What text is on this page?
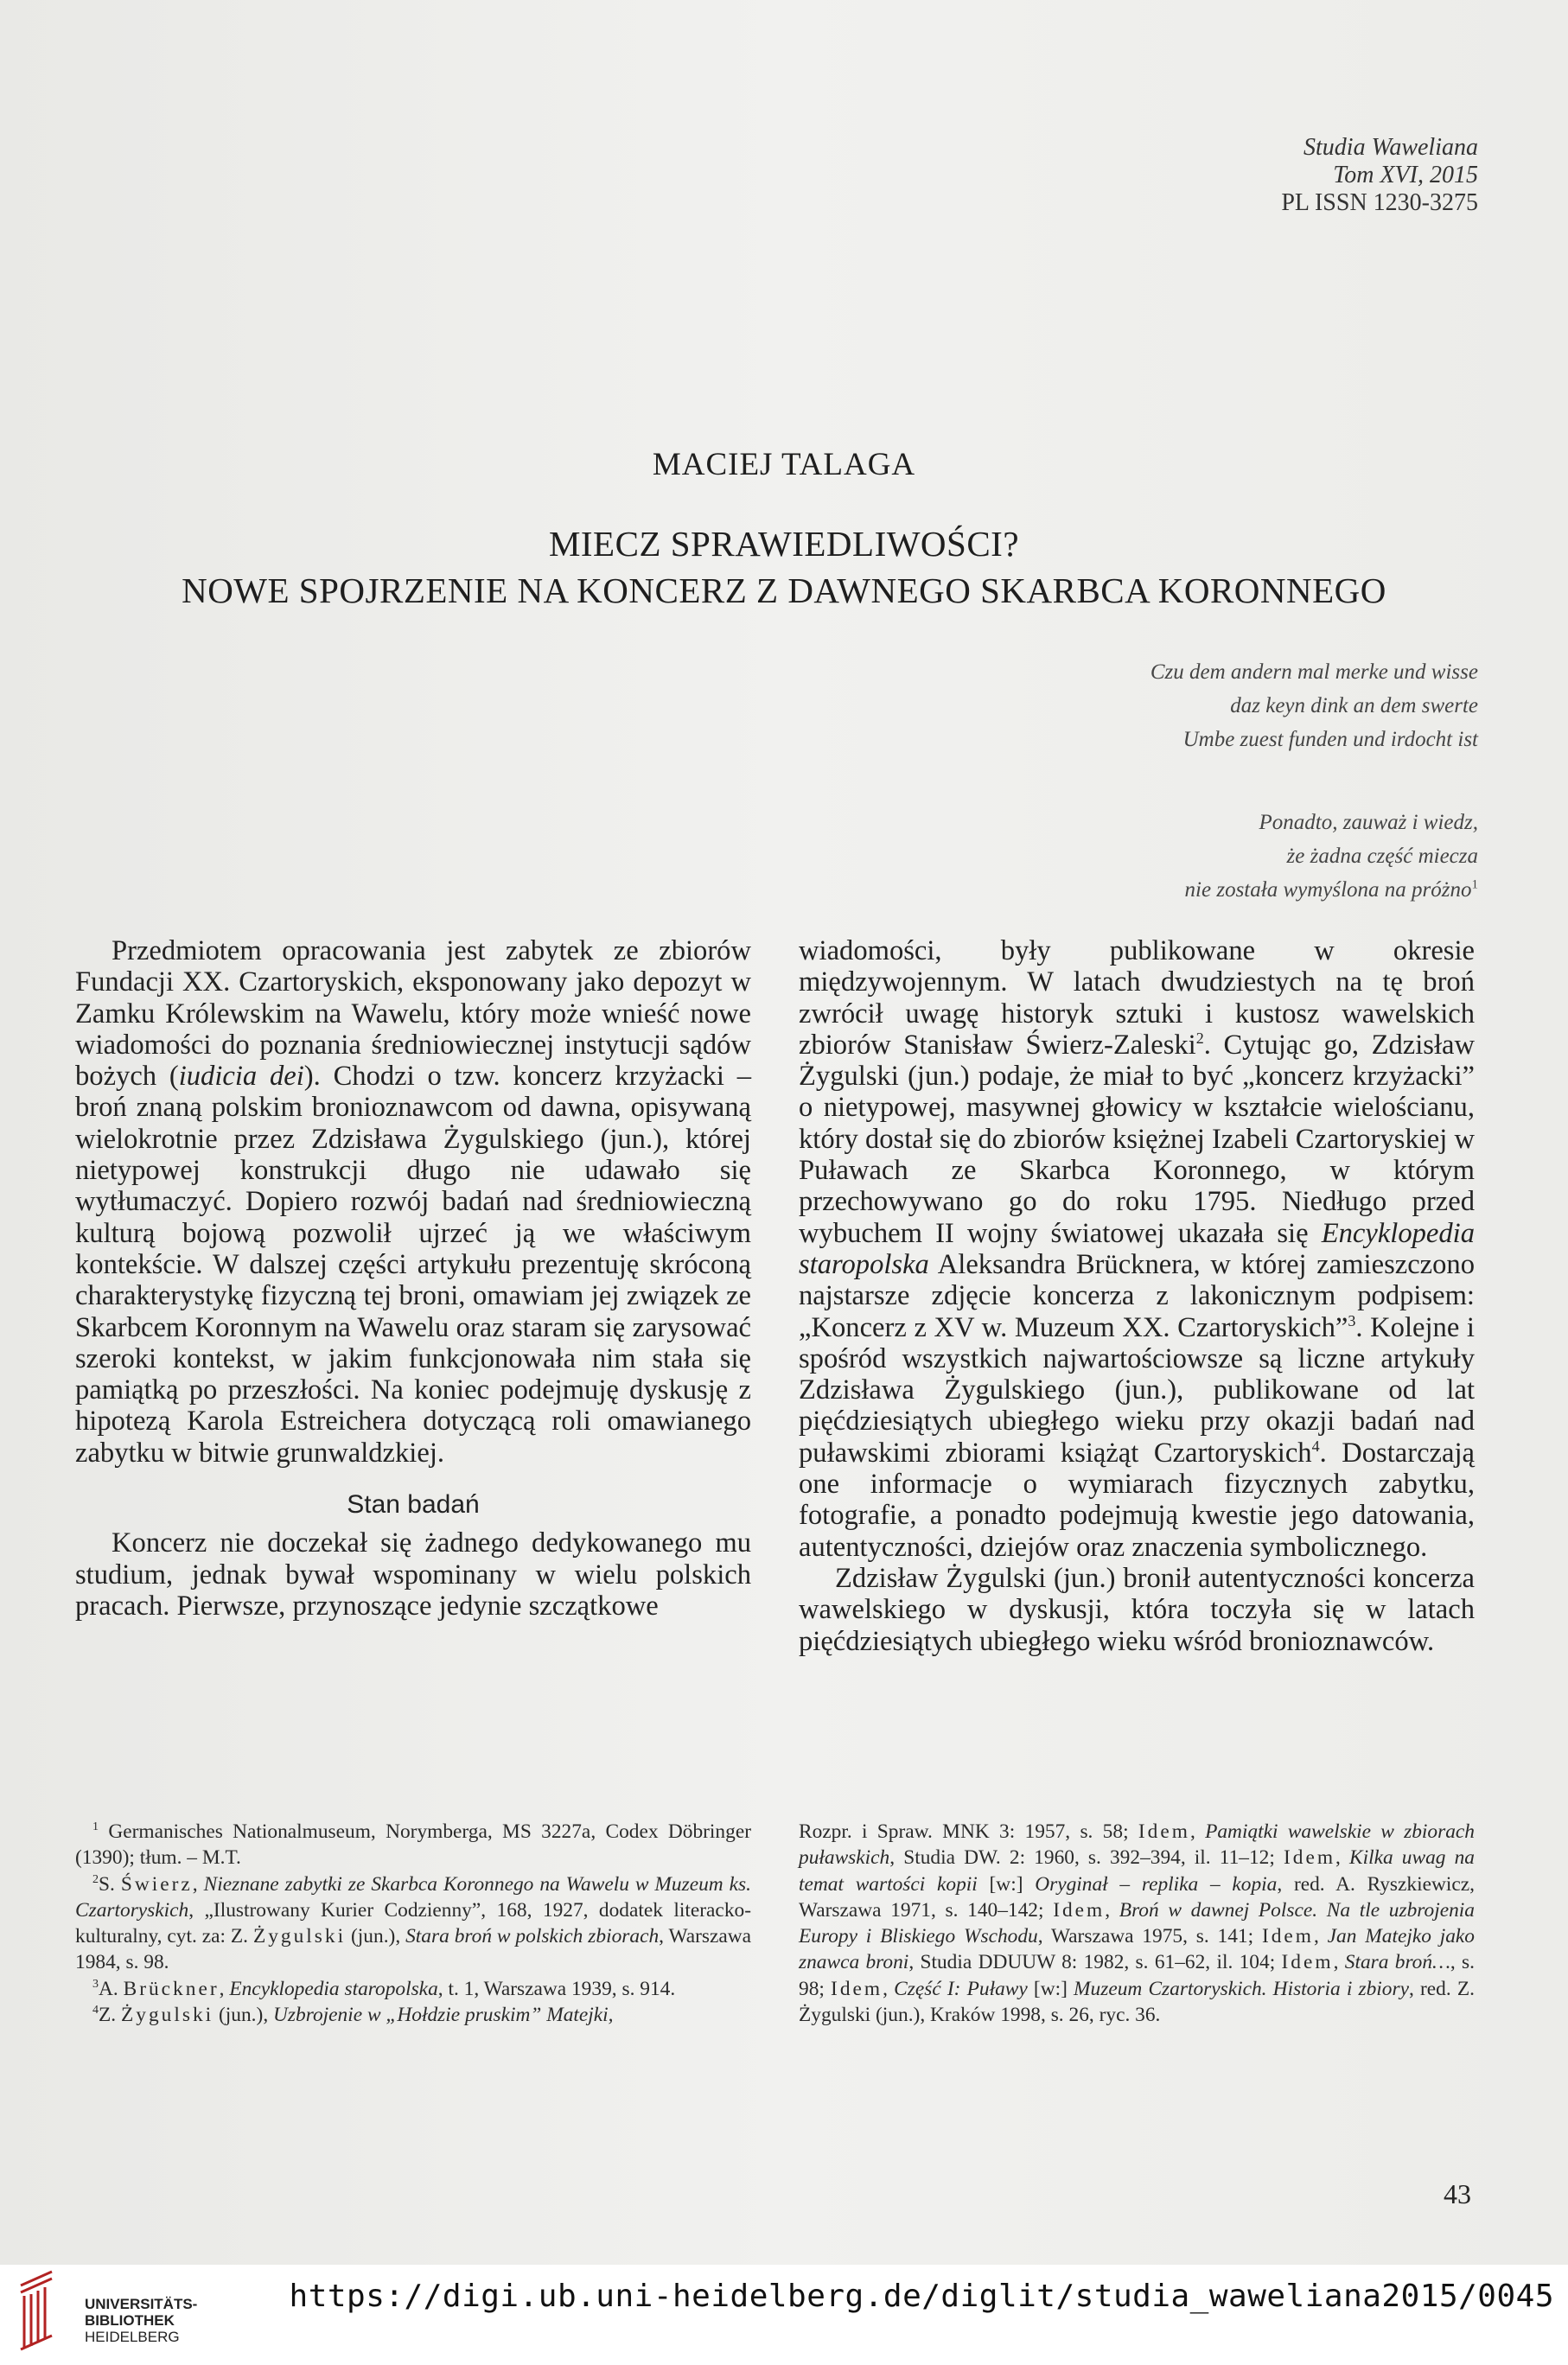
Studia Waweliana
Tom XVI, 2015
PL ISSN 1230-3275
MACIEJ TALAGA
MIECZ SPRAWIEDLIWOŚCI?
NOWE SPOJRZENIE NA KONCERZ Z DAWNEGO SKARBCA KORONNEGO
Czu dem andern mal merke und wisse
daz keyn dink an dem swerte
Umbe zuest funden und irdocht ist
Ponadto, zauważ i wiedz,
że żadna część miecza
nie została wymyślona na próżno$^1$

Przedmiotem opracowania jest zabytek ze zbiorów Fundacji XX. Czartoryskich, eksponowany jako depozyt w Zamku Królewskim na Wawelu, który może wnieść nowe wiadomości do poznania średniowiecznej instytucji sądów bożych (iudicia dei). Chodzi o tzw. koncerz krzyżacki – broń znaną polskim bronioznawcom od dawna, opisywaną wielokrotnie przez Zdzisława Żygulskiego (jun.), której nietypowej konstrukcji długo nie udawało się wytłumaczyć. Dopiero rozwój badań nad średniowieczną kulturą bojową pozwolił ujrzeć ją we właściwym kontekście. W dalszej części artykułu prezentuję skróconą charakterystykę fizyczną tej broni, omawiam jej związek ze Skarbcem Koronnym na Wawelu oraz staram się zarysować szeroki kontekst, w jakim funkcjonowała nim stała się pamiątką po przeszłości. Na koniec podejmuję dyskusję z hipotezą Karola Estreichera dotyczącą roli omawianego zabytku w bitwie grunwaldzkiej.

Stan badań

Koncerz nie doczekał się żadnego dedykowanego mu studium, jednak bywał wspominany w wielu polskich pracach. Pierwsze, przynoszące jedynie szczątkowe

wiadomości, były publikowane w okresie międzywojennym. W latach dwudziestych na tę broń zwrócił uwagę historyk sztuki i kustosz wawelskich zbiorów Stanisław Świerz-Zaleski$^2$. Cytując go, Zdzisław Żygulski (jun.) podaje, że miał to być „koncerz krzyżacki” o nietypowej, masywnej głowicy w kształcie wielościanu, który dostał się do zbiorów księżnej Izabeli Czartoryskiej w Puławach ze Skarbca Koronnego, w którym przechowywano go do roku 1795. Niedługo przed wybuchem II wojny światowej ukazała się Encyklopedia staropolska Aleksandra Brücknera, w której zamieszczono najstarsze zdjęcie koncerza z lakonicznym podpisem: „Koncerz z XV w. Muzeum XX. Czartoryskich”$^3$. Kolejne i spośród wszystkich najwartościowsze są liczne artykuły Zdzisława Żygulskiego (jun.), publikowane od lat pięćdziesiątych ubiegłego wieku przy okazji badań nad puławskimi zbiorami książąt Czartoryskich$^4$. Dostarczają one informacje o wymiarach fizycznych zabytku, fotografie, a ponadto podejmują kwestie jego datowania, autentyczności, dziejów oraz znaczenia symbolicznego.

Zdzisław Żygulski (jun.) bronił autentyczności koncerza wawelskiego w dyskusji, która toczyła się w latach pięćdziesiątych ubiegłego wieku wśród bronioznawców.

$^1$ Germanisches Nationalmuseum, Norymberga, MS 3227a, Codex Döbringer (1390); tłum. – M.T.

$^2$S. Świerz, Nieznane zabytki ze Skarbca Koronnego na Wawelu w Muzeum ks. Czartoryskich, „Ilustrowany Kurier Codzienny”, 168, 1927, dodatek literacko-kulturalny, cyt. za: Z. Żygulski (jun.), Stara broń w polskich zbiorach, Warszawa 1984, s. 98.

$^3$A. Brückner, Encyklopedia staropolska, t. 1, Warszawa 1939, s. 914.

$^4$Z. Żygulski (jun.), Uzbrojenie w „Hołdzie pruskim” Matejki,

Rozpr. i Spraw. MNK 3: 1957, s. 58; Idem, Pamiątki wawelskie w zbiorach puławskich, Studia DW. 2: 1960, s. 392–394, il. 11–12; Idem, Kilka uwag na temat wartości kopii [w:] Oryginał – replika – kopia, red. A. Ryszkiewicz, Warszawa 1971, s. 140–142; Idem, Broń w dawnej Polsce. Na tle uzbrojenia Europy i Bliskiego Wschodu, Warszawa 1975, s. 141; Idem, Jan Matejko jako znawca broni, Studia DDUUW 8: 1982, s. 61–62, il. 104; Idem, Stara broń…, s. 98; Idem, Część I: Puławy [w:] Muzeum Czartoryskich. Historia i zbiory, red. Z. Żygulski (jun.), Kraków 1998, s. 26, ryc. 36.

43
UNIVERSITÄTS-
BIBLIOTHEK
HEIDELBERG
https://digi.ub.uni-heidelberg.de/diglit/studia_waweliana2015/0045
